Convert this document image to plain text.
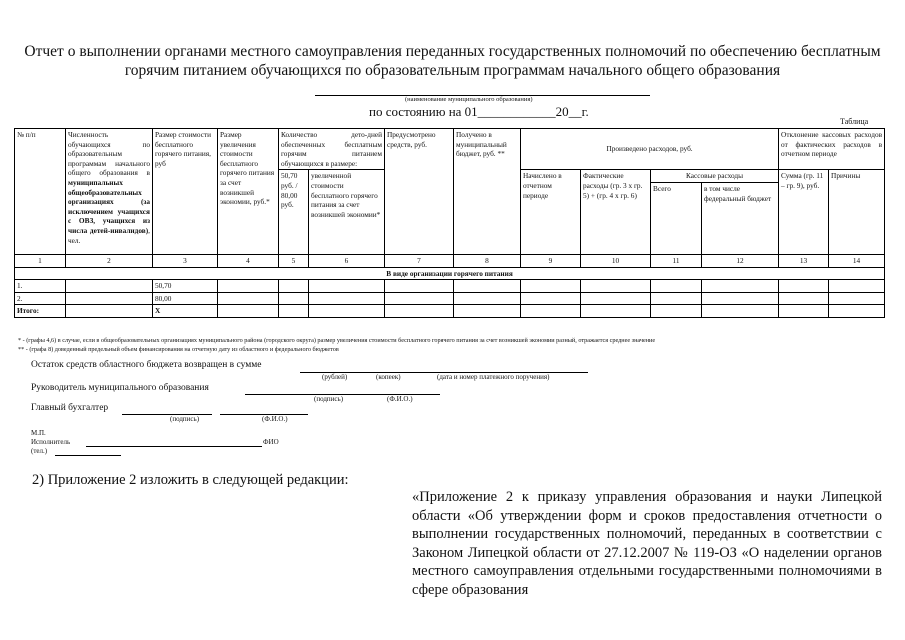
Отчет о выполнении органами местного самоуправления переданных государственных полномочий по обеспечению бесплатным горячим питанием обучающихся по образовательным программам начального общего образования
(наименование муниципального образования)
по состоянию на 01____________20__г.
Таблица
№ п/п	Численность обучающихся по образовательным программам начального общего образования в муниципальных общеобразовательных организациях (за исключением учащихся с ОВЗ, учащихся из числа детей-инвалидов), чел.	Размер стоимости бесплатного горячего питания, руб	Размер увеличения стоимости бесплатного горячего питания за счет возникшей экономии, руб.*	Количество дето-дней обеспеченных бесплатным горячим питанием обучающихся в размере:		Предусмотрено средств, руб.	Получено в муниципальный бюджет, руб. **	Произведено расходов, руб.				Отклонение кассовых расходов от фактических расходов в отчетном периоде	
				50,70 руб. / 80,00 руб.	увеличенной стоимости бесплатного горячего питания за счет возникшей экономии*			Начислено в отчетном периоде	Фактические расходы (гр. 3 х гр. 5) + (гр. 4 х гр. 6)	Кассовые расходы		Сумма (гр. 11 – гр. 9), руб.	Причины
										Всего	в том числе федеральный бюджет		
1	2	3	4	5	6	7	8	9	10	11	12	13	14
В виде организации горячего питания													
1.		50,70											
2.		80,00											
Итого:		Х											
* - (графы 4,6) в случае, если в общеобразовательных организациях муниципального района (городского округа) размер увеличения стоимости бесплатного горячего питания за счет возникшей экономии разный, отражается среднее значение
** - (графа 8) доведенный предельный объем финансирования на отчетную дату из областного и федерального бюджетов
Остаток средств областного бюджета возвращен в сумме
(рублей)	(копеек)	(дата и номер платежного поручения)
Руководитель муниципального образования
(подпись)	(Ф.И.О.)
Главный бухгалтер
(подпись)	(Ф.И.О.)
М.П.
Исполнитель	ФИО
(тел.)
2) Приложение 2 изложить в следующей редакции:
«Приложение 2 к приказу управления образования и науки Липецкой области «Об утверждении форм и сроков предоставления отчетности о выполнении государственных полномочий, переданных в соответствии с Законом Липецкой области от 27.12.2007 № 119-ОЗ «О наделении органов местного самоуправления отдельными государственными полномочиями в сфере образования
